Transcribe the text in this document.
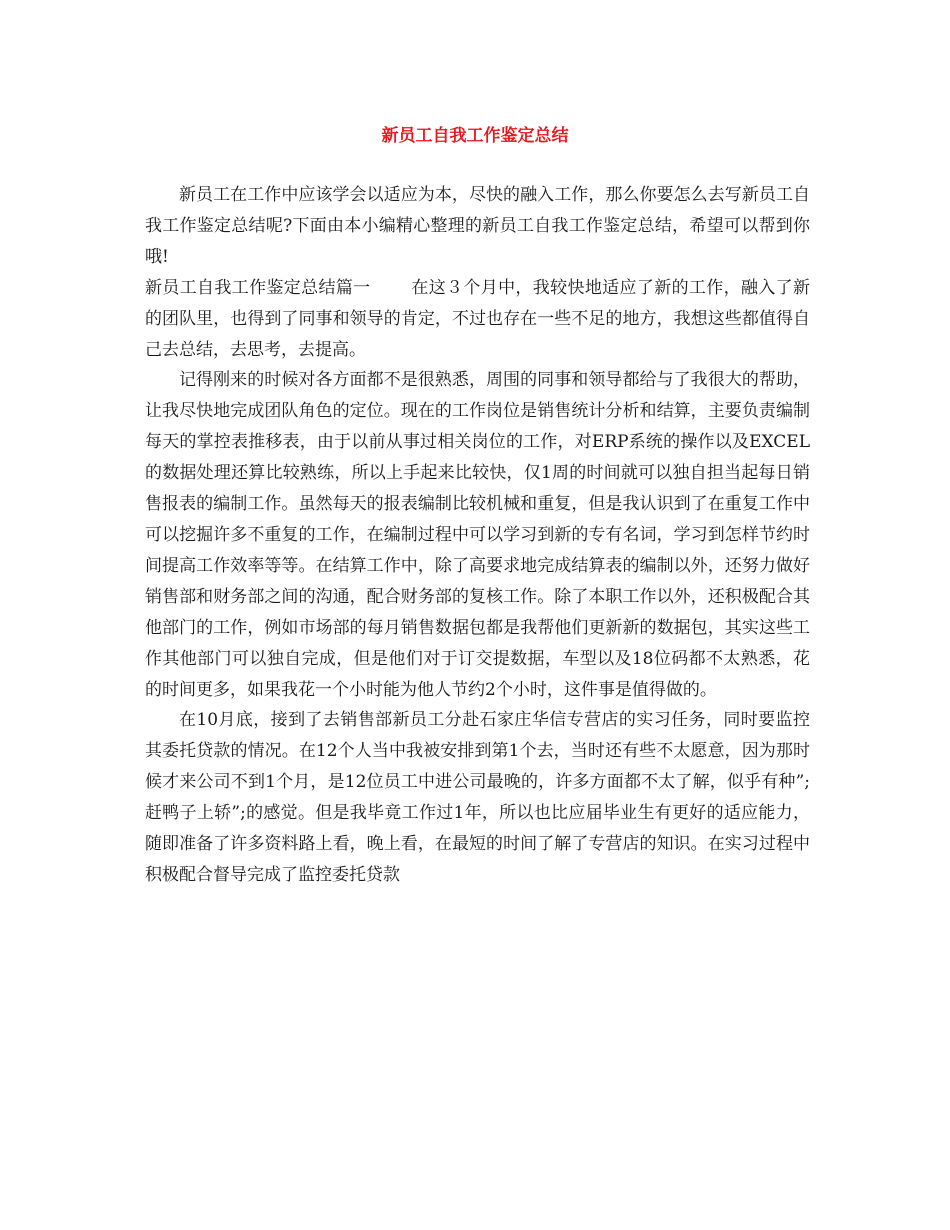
新员工自我工作鉴定总结

新员工在工作中应该学会以适应为本，尽快的融入工作，那么你要怎么去写新员工自我工作鉴定总结呢?下面由本小编精心整理的新员工自我工作鉴定总结，希望可以帮到你哦!

新员工自我工作鉴定总结篇一 在这３个月中，我较快地适应了新的工作，融入了新的团队里，也得到了同事和领导的肯定，不过也存在一些不足的地方，我想这些都值得自己去总结，去思考，去提高。

记得刚来的时候对各方面都不是很熟悉，周围的同事和领导都给与了我很大的帮助，让我尽快地完成团队角色的定位。现在的工作岗位是销售统计分析和结算，主要负责编制每天的掌控表推移表，由于以前从事过相关岗位的工作，对ERP系统的操作以及EXCEL的数据处理还算比较熟练，所以上手起来比较快，仅1周的时间就可以独自担当起每日销售报表的编制工作。虽然每天的报表编制比较机械和重复，但是我认识到了在重复工作中可以挖掘许多不重复的工作，在编制过程中可以学习到新的专有名词，学习到怎样节约时间提高工作效率等等。在结算工作中，除了高要求地完成结算表的编制以外，还努力做好销售部和财务部之间的沟通，配合财务部的复核工作。除了本职工作以外，还积极配合其他部门的工作，例如市场部的每月销售数据包都是我帮他们更新新的数据包，其实这些工作其他部门可以独自完成，但是他们对于订交提数据，车型以及18位码都不太熟悉，花的时间更多，如果我花一个小时能为他人节约2个小时，这件事是值得做的。

在10月底，接到了去销售部新员工分赴石家庄华信专营店的实习任务，同时要监控其委托贷款的情况。在12个人当中我被安排到第1个去，当时还有些不太愿意，因为那时候才来公司不到1个月，是12位员工中进公司最晚的，许多方面都不太了解，似乎有种”;赶鸭子上轿”;的感觉。但是我毕竟工作过1年，所以也比应届毕业生有更好的适应能力，随即准备了许多资料路上看，晚上看，在最短的时间了解了专营店的知识。在实习过程中积极配合督导完成了监控委托贷款
